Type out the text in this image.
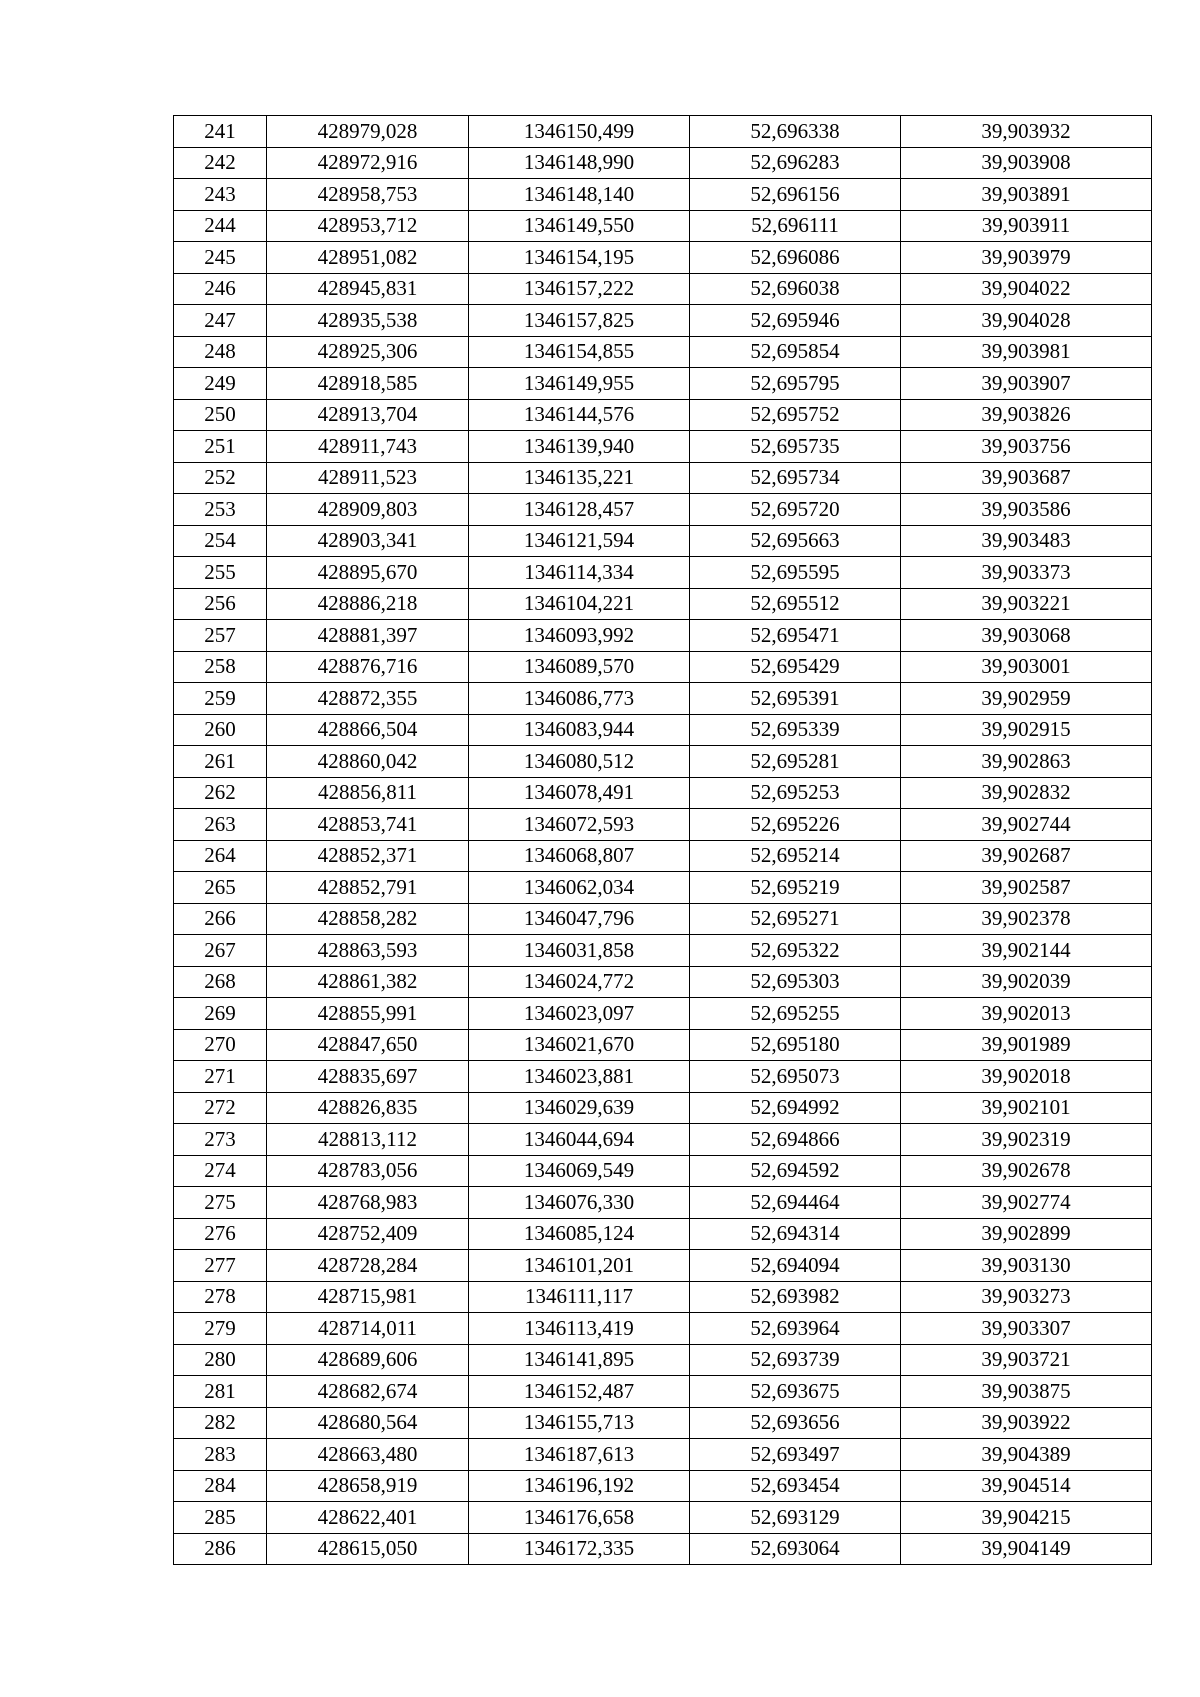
241	428979,028	1346150,499	52,696338	39,903932
242	428972,916	1346148,990	52,696283	39,903908
243	428958,753	1346148,140	52,696156	39,903891
244	428953,712	1346149,550	52,696111	39,903911
245	428951,082	1346154,195	52,696086	39,903979
246	428945,831	1346157,222	52,696038	39,904022
247	428935,538	1346157,825	52,695946	39,904028
248	428925,306	1346154,855	52,695854	39,903981
249	428918,585	1346149,955	52,695795	39,903907
250	428913,704	1346144,576	52,695752	39,903826
251	428911,743	1346139,940	52,695735	39,903756
252	428911,523	1346135,221	52,695734	39,903687
253	428909,803	1346128,457	52,695720	39,903586
254	428903,341	1346121,594	52,695663	39,903483
255	428895,670	1346114,334	52,695595	39,903373
256	428886,218	1346104,221	52,695512	39,903221
257	428881,397	1346093,992	52,695471	39,903068
258	428876,716	1346089,570	52,695429	39,903001
259	428872,355	1346086,773	52,695391	39,902959
260	428866,504	1346083,944	52,695339	39,902915
261	428860,042	1346080,512	52,695281	39,902863
262	428856,811	1346078,491	52,695253	39,902832
263	428853,741	1346072,593	52,695226	39,902744
264	428852,371	1346068,807	52,695214	39,902687
265	428852,791	1346062,034	52,695219	39,902587
266	428858,282	1346047,796	52,695271	39,902378
267	428863,593	1346031,858	52,695322	39,902144
268	428861,382	1346024,772	52,695303	39,902039
269	428855,991	1346023,097	52,695255	39,902013
270	428847,650	1346021,670	52,695180	39,901989
271	428835,697	1346023,881	52,695073	39,902018
272	428826,835	1346029,639	52,694992	39,902101
273	428813,112	1346044,694	52,694866	39,902319
274	428783,056	1346069,549	52,694592	39,902678
275	428768,983	1346076,330	52,694464	39,902774
276	428752,409	1346085,124	52,694314	39,902899
277	428728,284	1346101,201	52,694094	39,903130
278	428715,981	1346111,117	52,693982	39,903273
279	428714,011	1346113,419	52,693964	39,903307
280	428689,606	1346141,895	52,693739	39,903721
281	428682,674	1346152,487	52,693675	39,903875
282	428680,564	1346155,713	52,693656	39,903922
283	428663,480	1346187,613	52,693497	39,904389
284	428658,919	1346196,192	52,693454	39,904514
285	428622,401	1346176,658	52,693129	39,904215
286	428615,050	1346172,335	52,693064	39,904149
